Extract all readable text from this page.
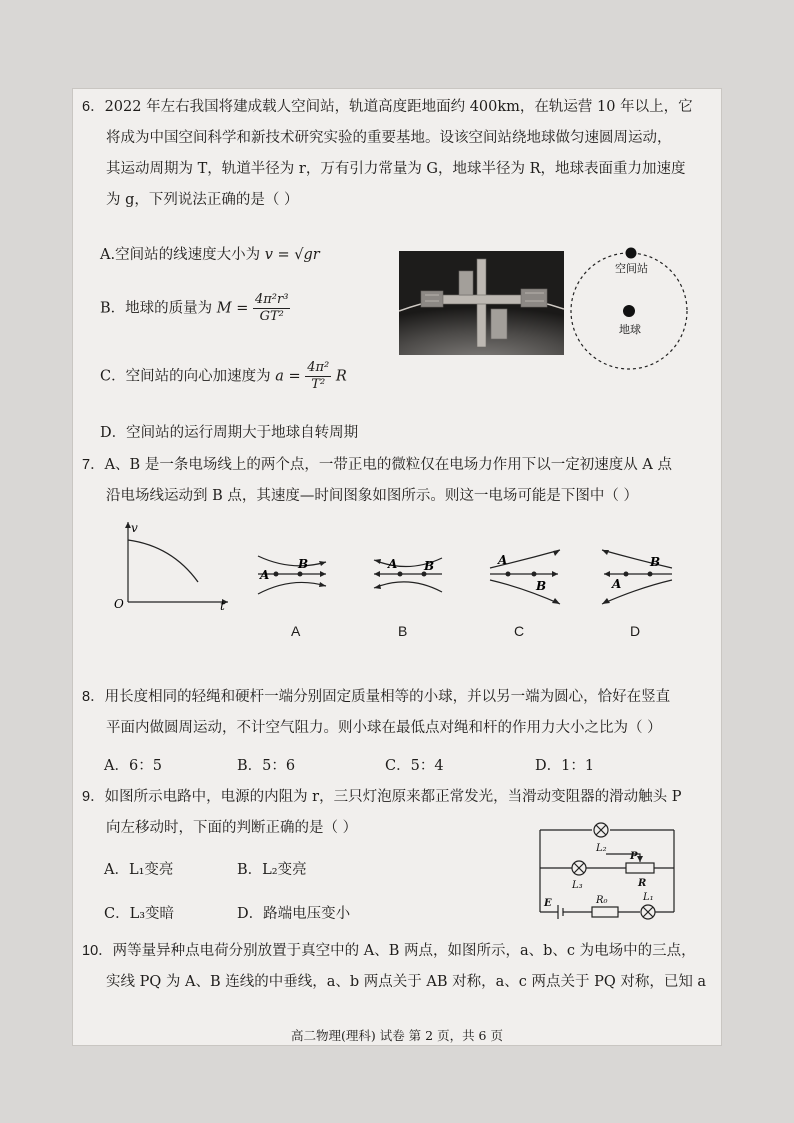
6．2022 年左右我国将建成载人空间站，轨道高度距地面约 400km，在轨运营 10 年以上，它

将成为中国空间科学和新技术研究实验的重要基地。设该空间站绕地球做匀速圆周运动，

其运动周期为 T，轨道半径为 r，万有引力常量为 G，地球半径为 R，地球表面重力加速度

为 g，下列说法正确的是（ ）

A.空间站的线速度大小为 v = √gr
B．地球的质量为 $M = \frac{\text{4π²r³}}{\text{GT²}}$
C．空间站的向心加速度为 $a = \frac{\text{4π²}}{\text{T²}}$ R
D．空间站的运行周期大于地球自转周期
空间站
地球

7．A、B 是一条电场线上的两个点，一带正电的微粒仅在电场力作用下以一定初速度从 A 点

沿电场线运动到 B 点，其速度—时间图象如图所示。则这一电场可能是下图中（ ）

v
O	t
A
B	A B	A
B	A
B
A	B	C	D

8．用长度相同的轻绳和硬杆一端分别固定质量相等的小球，并以另一端为圆心，恰好在竖直

平面内做圆周运动，不计空气阻力。则小球在最低点对绳和杆的作用力大小之比为（ ）

A．6：5	B．5：6	C．5：4	D．1：1

9．如图所示电路中，电源的内阻为 r，三只灯泡原来都正常发光，当滑动变阻器的滑动触头 P

向左移动时，下面的判断正确的是（ ）

A．L₁变亮	B．L₂变亮
C．L₃变暗	D．路端电压变小
L₂
L₃
P
R
R₀	L₁
E

10．两等量异种点电荷分别放置于真空中的 A、B 两点，如图所示，a、b、c 为电场中的三点，

实线 PQ 为 A、B 连线的中垂线，a、b 两点关于 AB 对称，a、c 两点关于 PQ 对称，已知 a

高二物理(理科) 试卷 第 2 页，共 6 页
